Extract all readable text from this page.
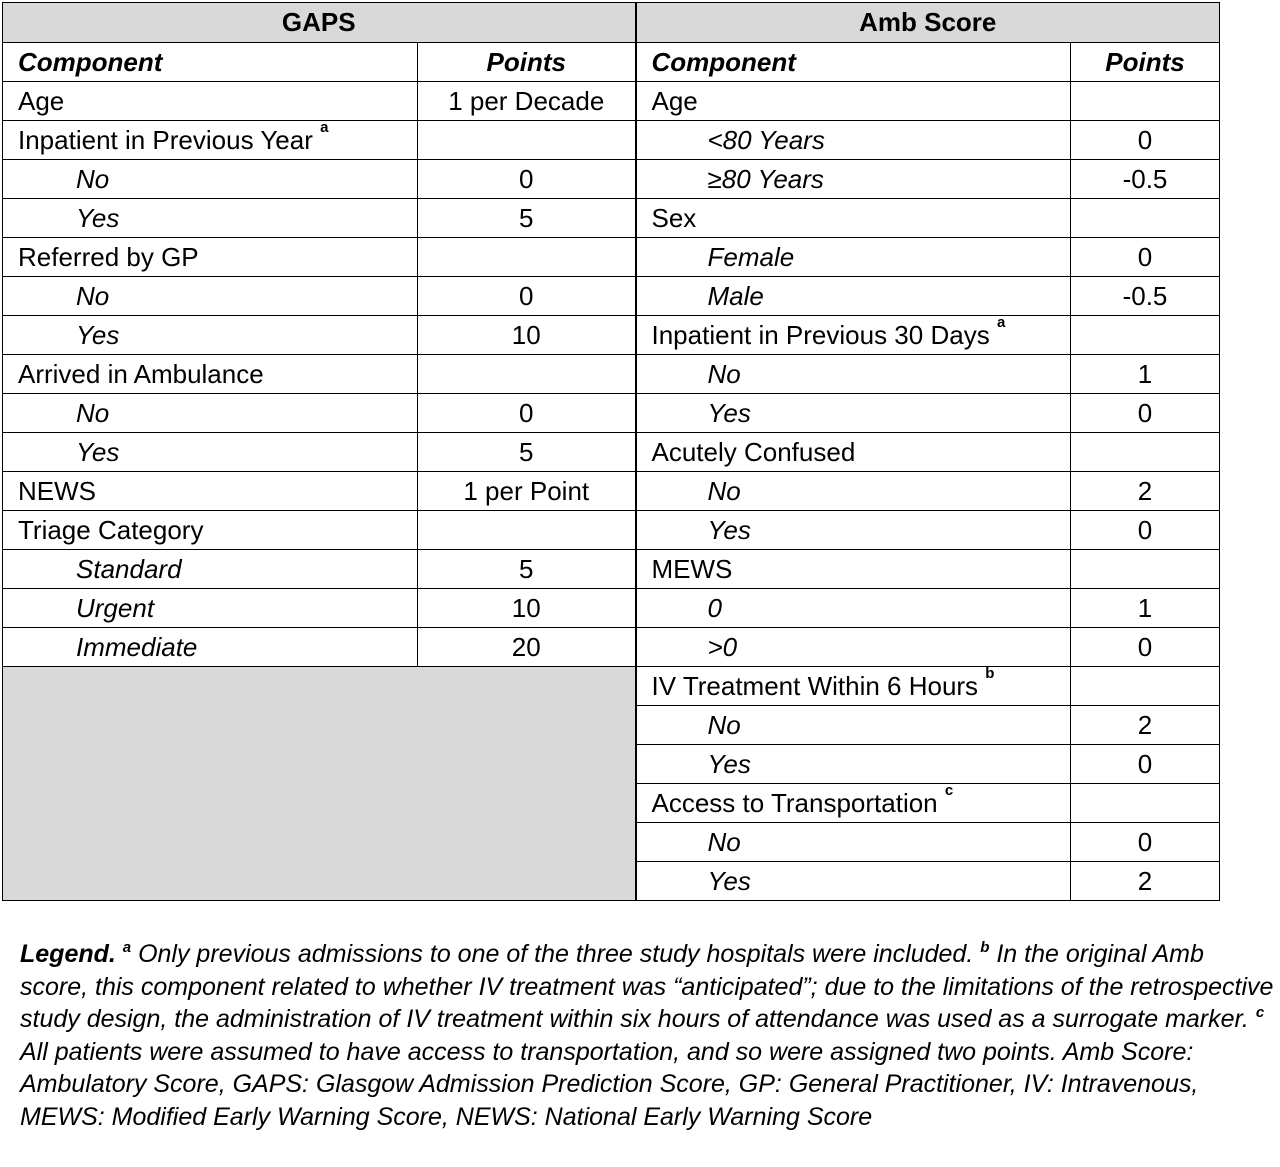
GAPS		Amb Score	
Component	Points	Component	Points
Age	1 per Decade	Age	
Inpatient in Previous Year $^a$		<80 Years	0
No	0	≥80 Years	-0.5
Yes	5	Sex	
Referred by GP		Female	0
No	0	Male	-0.5
Yes	10	Inpatient in Previous 30 Days $^a$	
Arrived in Ambulance		No	1
No	0	Yes	0
Yes	5	Acutely Confused	
NEWS	1 per Point	No	2
Triage Category		Yes	0
Standard	5	MEWS	
Urgent	10	0	1
Immediate	20	>0	0
		IV Treatment Within 6 Hours $^b$	
		No	2
		Yes	0
		Access to Transportation $^c$	
		No	0
		Yes	2
Legend. $^a$ Only previous admissions to one of the three study hospitals were included. $^b$ In the original Amb score, this component related to whether IV treatment was “anticipated”; due to the limitations of the retrospective study design, the administration of IV treatment within six hours of attendance was used as a surrogate marker. $^c$ All patients were assumed to have access to transportation, and so were assigned two points. Amb Score: Ambulatory Score, GAPS: Glasgow Admission Prediction Score, GP: General Practitioner, IV: Intravenous, MEWS: Modified Early Warning Score, NEWS: National Early Warning Score
